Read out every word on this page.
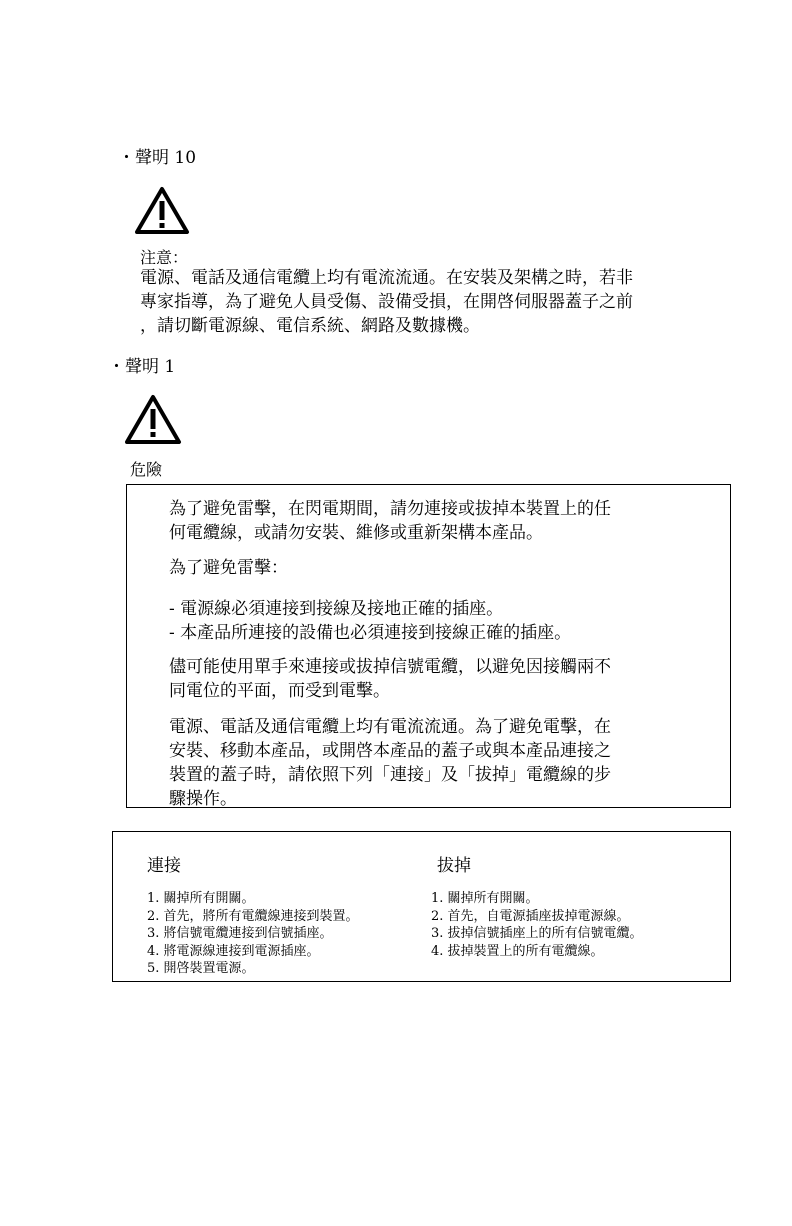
・聲明 10
注意：
電源、電話及通信電纜上均有電流流通。在安裝及架構之時，若非
專家指導，為了避免人員受傷、設備受損，在開啓伺服器蓋子之前
，請切斷電源線、電信系統、網路及數據機。
・聲明 1
危險
為了避免雷擊，在閃電期間，請勿連接或拔掉本裝置上的任
何電纜線，或請勿安裝、維修或重新架構本產品。
為了避免雷擊：
- 電源線必須連接到接線及接地正確的插座。
- 本產品所連接的設備也必須連接到接線正確的插座。
儘可能使用單手來連接或拔掉信號電纜，以避免因接觸兩不
同電位的平面，而受到電擊。
電源、電話及通信電纜上均有電流流通。為了避免電擊，在
安裝、移動本產品，或開啓本產品的蓋子或與本產品連接之
裝置的蓋子時，請依照下列「連接」及「拔掉」電纜線的步
驟操作。
連接	拔掉
1. 關掉所有開關。
2. 首先，將所有電纜線連接到裝置。
3. 將信號電纜連接到信號插座。
4. 將電源線連接到電源插座。
5. 開啓裝置電源。
1. 關掉所有開關。
2. 首先，自電源插座拔掉電源線。
3. 拔掉信號插座上的所有信號電纜。
4. 拔掉裝置上的所有電纜線。
